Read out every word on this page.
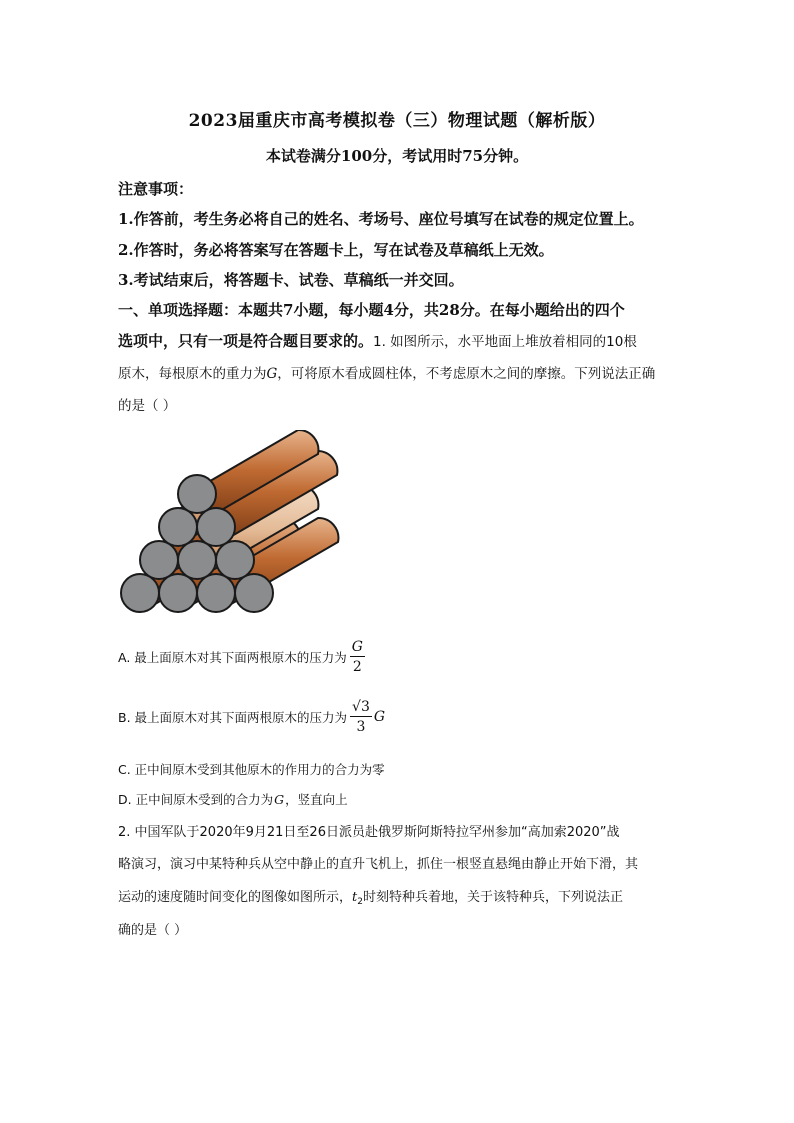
2023届重庆市高考模拟卷（三）物理试题（解析版）
本试卷满分100分，考试用时75分钟。
注意事项：
1.作答前，考生务必将自己的姓名、考场号、座位号填写在试卷的规定位置上。
2.作答时，务必将答案写在答题卡上，写在试卷及草稿纸上无效。
3.考试结束后，将答题卡、试卷、草稿纸一并交回。
一、单项选择题：本题共7小题，每小题4分，共28分。在每小题给出的四个
选项中，只有一项是符合题目要求的。1. 如图所示，水平地面上堆放着相同的10根
原木，每根原木的重力为G，可将原木看成圆柱体，不考虑原木之间的摩擦。下列说法正确
的是（ ）
A. 最上面原木对其下面两根原木的压力为 $\frac{G}{2}$
B. 最上面原木对其下面两根原木的压力为 $\frac{√3}{3}$ G
C. 正中间原木受到其他原木的作用力的合力为零
D. 正中间原木受到的合力为 G ，竖直向上
2. 中国军队于2020年9月21日至26日派员赴俄罗斯阿斯特拉罕州参加“高加索2020”战
略演习，演习中某特种兵从空中静止的直升飞机上，抓住一根竖直悬绳由静止开始下滑，其
运动的速度随时间变化的图像如图所示，$t_2$时刻特种兵着地，关于该特种兵，下列说法正
确的是（ ）
